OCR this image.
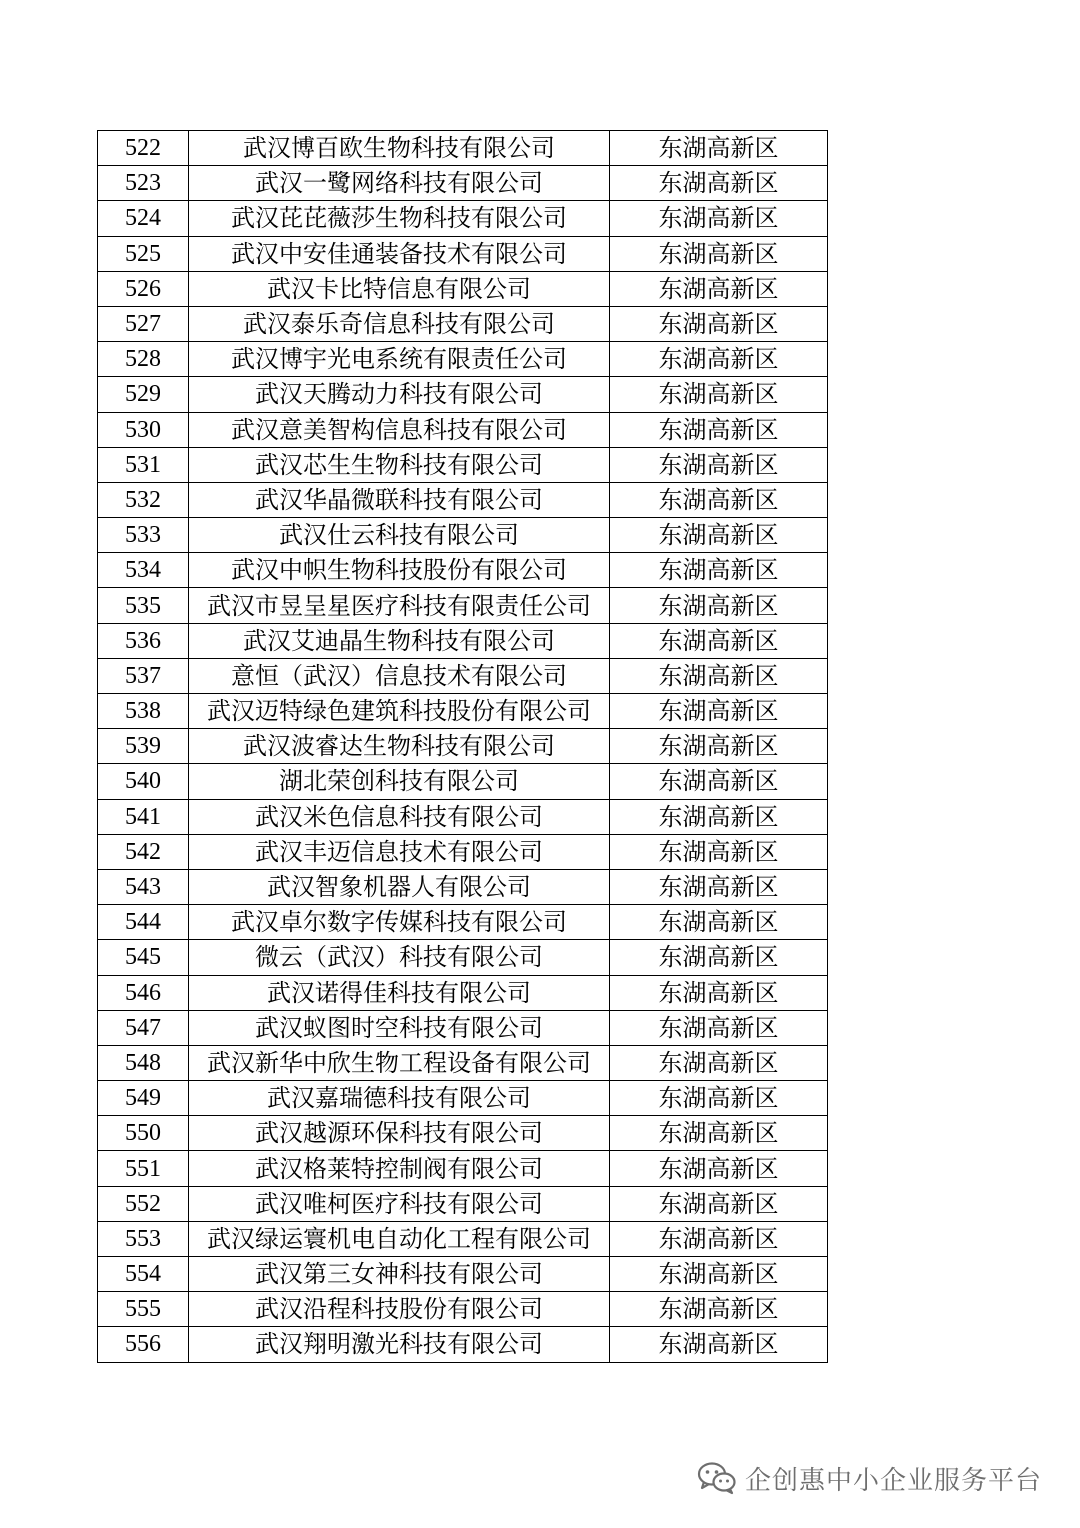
522	武汉博百欧生物科技有限公司	东湖高新区
523	武汉一鹭网络科技有限公司	东湖高新区
524	武汉芘芘薇莎生物科技有限公司	东湖高新区
525	武汉中安佳通装备技术有限公司	东湖高新区
526	武汉卡比特信息有限公司	东湖高新区
527	武汉泰乐奇信息科技有限公司	东湖高新区
528	武汉博宇光电系统有限责任公司	东湖高新区
529	武汉天腾动力科技有限公司	东湖高新区
530	武汉意美智构信息科技有限公司	东湖高新区
531	武汉芯生生物科技有限公司	东湖高新区
532	武汉华晶微联科技有限公司	东湖高新区
533	武汉仕云科技有限公司	东湖高新区
534	武汉中帜生物科技股份有限公司	东湖高新区
535	武汉市昱呈星医疗科技有限责任公司	东湖高新区
536	武汉艾迪晶生物科技有限公司	东湖高新区
537	意恒（武汉）信息技术有限公司	东湖高新区
538	武汉迈特绿色建筑科技股份有限公司	东湖高新区
539	武汉波睿达生物科技有限公司	东湖高新区
540	湖北荣创科技有限公司	东湖高新区
541	武汉米色信息科技有限公司	东湖高新区
542	武汉丰迈信息技术有限公司	东湖高新区
543	武汉智象机器人有限公司	东湖高新区
544	武汉卓尔数字传媒科技有限公司	东湖高新区
545	微云（武汉）科技有限公司	东湖高新区
546	武汉诺得佳科技有限公司	东湖高新区
547	武汉蚁图时空科技有限公司	东湖高新区
548	武汉新华中欣生物工程设备有限公司	东湖高新区
549	武汉嘉瑞德科技有限公司	东湖高新区
550	武汉越源环保科技有限公司	东湖高新区
551	武汉格莱特控制阀有限公司	东湖高新区
552	武汉唯柯医疗科技有限公司	东湖高新区
553	武汉绿运寰机电自动化工程有限公司	东湖高新区
554	武汉第三女神科技有限公司	东湖高新区
555	武汉沿程科技股份有限公司	东湖高新区
556	武汉翔明激光科技有限公司	东湖高新区
企创惠中小企业服务平台
